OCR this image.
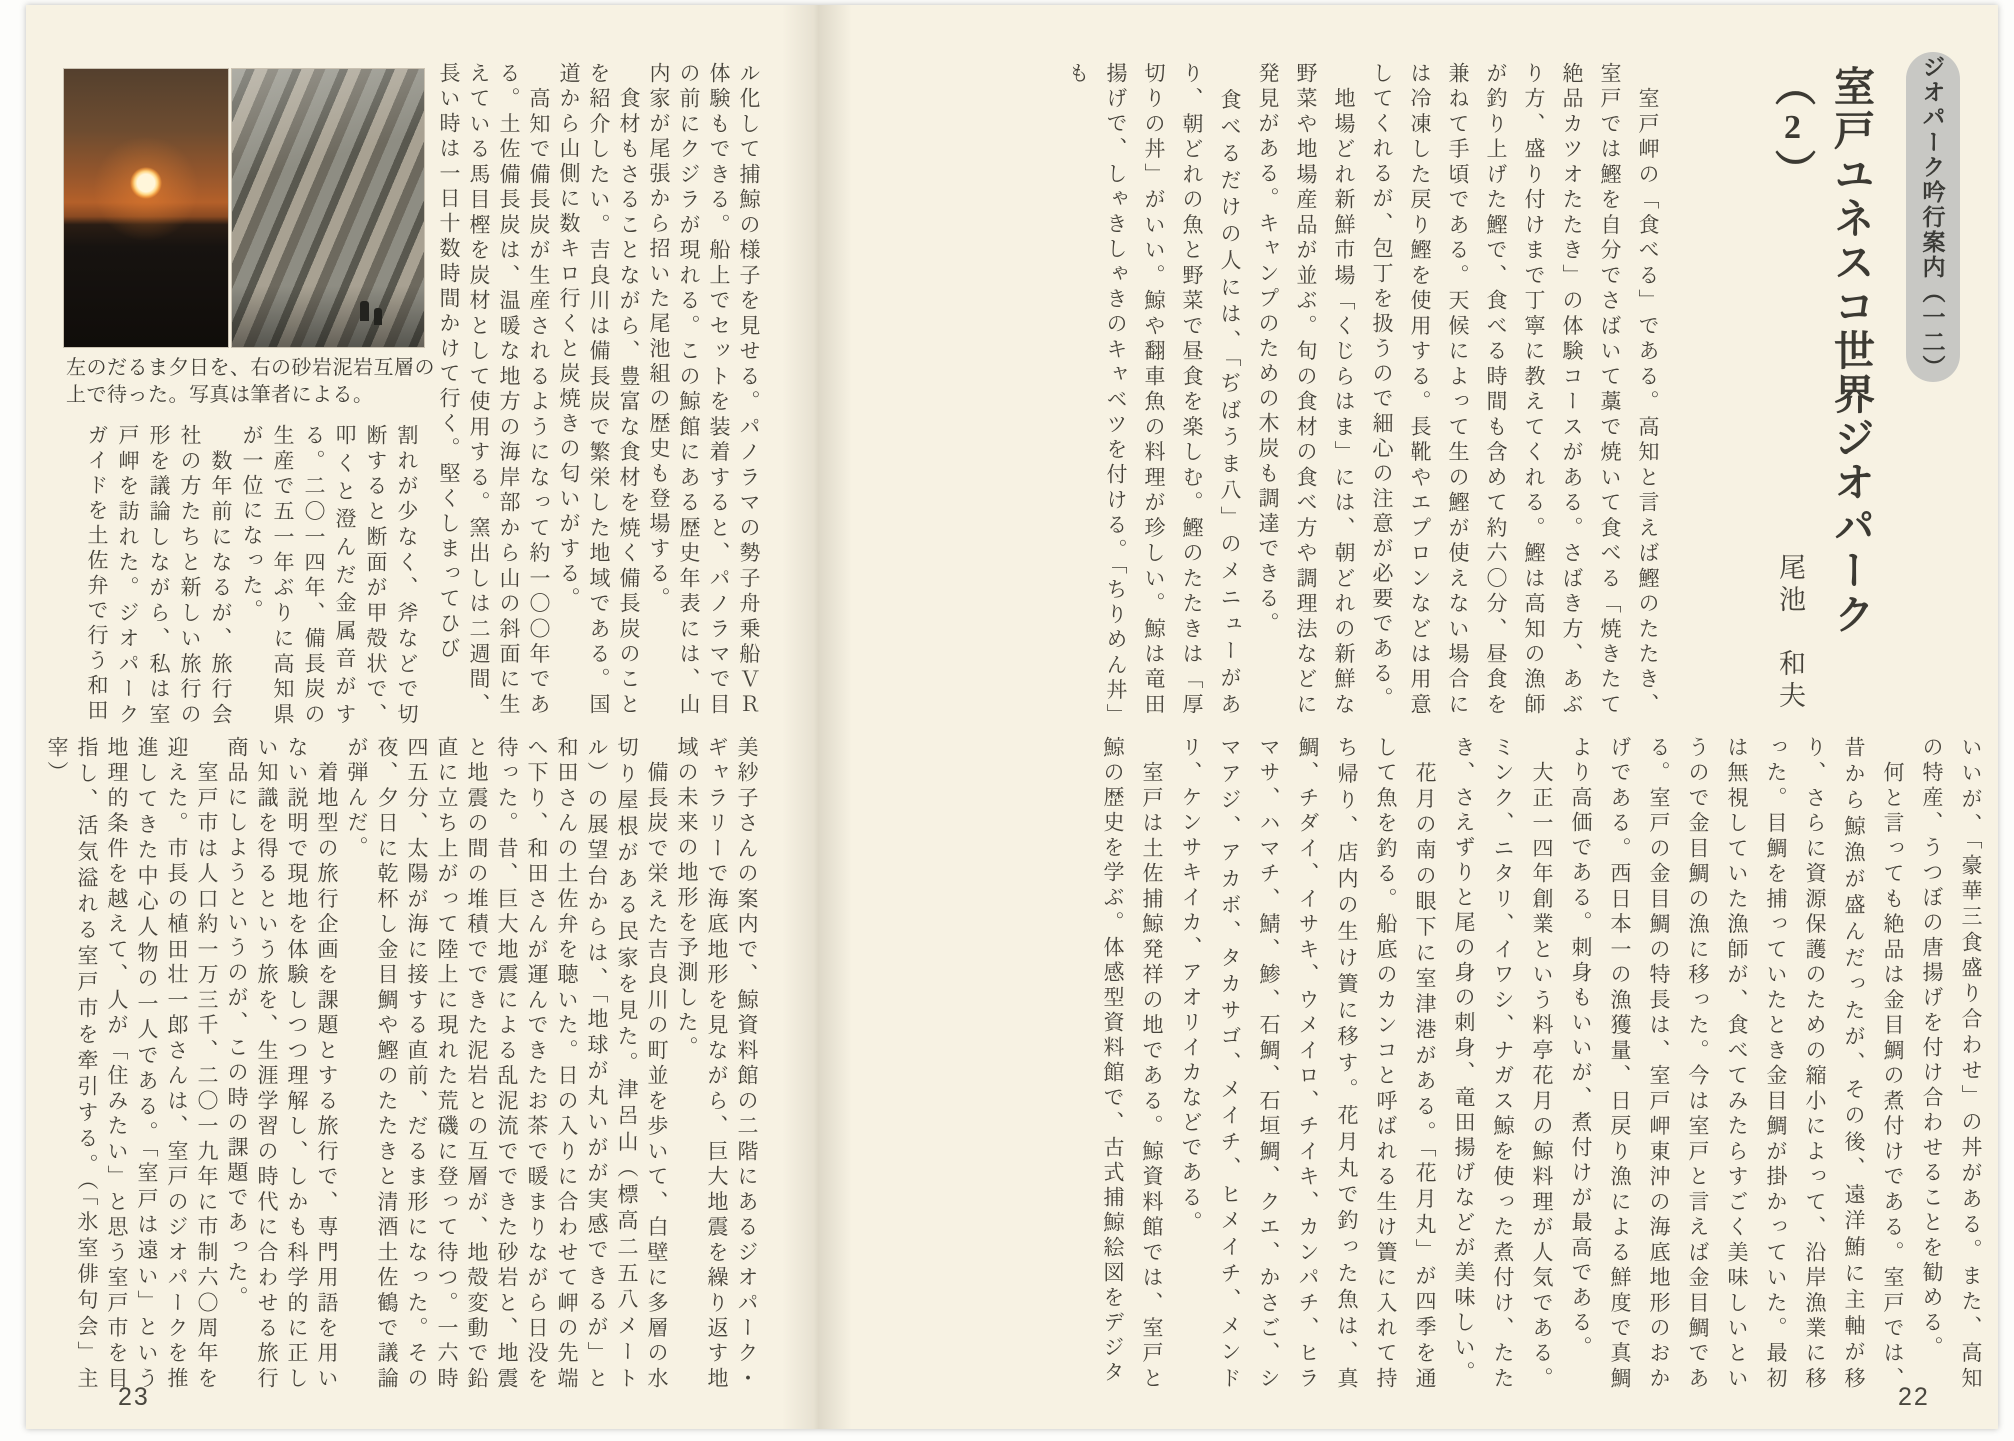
ジオパーク吟行案内（一二）
室戸ユネスコ世界ジオパーク（2）
尾池　和夫

　室戸岬の「食べる」である。高知と言えば鰹のたたき、室戸では鰹を自分でさばいて藁で焼いて食べる「焼きたて絶品カツオたたき」の体験コースがある。さばき方、あぶり方、盛り付けまで丁寧に教えてくれる。鰹は高知の漁師が釣り上げた鰹で、食べる時間も含めて約六〇分、昼食を兼ねて手頃である。天候によって生の鰹が使えない場合には冷凍した戻り鰹を使用する。長靴やエプロンなどは用意してくれるが、包丁を扱うので細心の注意が必要である。

　地場どれ新鮮市場「くじらはま」には、朝どれの新鮮な野菜や地場産品が並ぶ。旬の食材の食べ方や調理法などに発見がある。キャンプのための木炭も調達できる。

　食べるだけの人には、「ぢばうま八」のメニューがあり、朝どれの魚と野菜で昼食を楽しむ。鰹のたたきは「厚切りの丼」がいい。鯨や翻車魚の料理が珍しい。鯨は竜田揚げで、しゃきしゃきのキャベツを付ける。「ちりめん丼」も

いいが、「豪華三食盛り合わせ」の丼がある。また、高知の特産、うつぼの唐揚げを付け合わせることを勧める。

　何と言っても絶品は金目鯛の煮付けである。室戸では、昔から鯨漁が盛んだったが、その後、遠洋鮪に主軸が移り、さらに資源保護のための縮小によって、沿岸漁業に移った。目鯛を捕っていたとき金目鯛が掛かっていた。最初は無視していた漁師が、食べてみたらすごく美味しいというので金目鯛の漁に移った。今は室戸と言えば金目鯛である。室戸の金目鯛の特長は、室戸岬東沖の海底地形のおかげである。西日本一の漁獲量、日戻り漁による鮮度で真鯛より高価である。刺身もいいが、煮付けが最高である。

　大正一四年創業という料亭花月の鯨料理が人気である。ミンク、ニタリ、イワシ、ナガス鯨を使った煮付け、たたき、さえずりと尾の身の刺身、竜田揚げなどが美味しい。

　花月の南の眼下に室津港がある。「花月丸」が四季を通して魚を釣る。船底のカンコと呼ばれる生け簀に入れて持ち帰り、店内の生け簀に移す。花月丸で釣った魚は、真鯛、チダイ、イサキ、ウメイロ、チイキ、カンパチ、ヒラマサ、ハマチ、鯖、鯵、石鯛、石垣鯛、クエ、かさご、シマアジ、アカボ、タカサゴ、メイチ、ヒメイチ、メンドリ、ケンサキイカ、アオリイカなどである。

　室戸は土佐捕鯨発祥の地である。鯨資料館では、室戸と鯨の歴史を学ぶ。体感型資料館で、古式捕鯨絵図をデジタ

22
左のだるま夕日を、右の砂岩泥岩互層の上で待った。写真は筆者による。	ル化して捕鯨の様子を見せる。パノラマの勢子舟乗船ＶＲ体験もできる。船上でセットを装着すると、パノラマで目の前にクジラが現れる。この鯨館にある歴史年表には、山内家が尾張から招いた尾池組の歴史も登場する。

　食材もさることながら、豊富な食材を焼く備長炭のことを紹介したい。吉良川は備長炭で繁栄した地域である。国道から山側に数キロ行くと炭焼きの匂いがする。

　高知で備長炭が生産されるようになって約一〇〇年である。土佐備長炭は、温暖な地方の海岸部から山の斜面に生えている馬目樫を炭材として使用する。窯出しは二週間、長い時は一日十数時間かけて行く。堅くしまってひび

割れが少なく、斧などで切断すると断面が甲殻状で、叩くと澄んだ金属音がする。二〇一四年、備長炭の生産で五一年ぶりに高知県が一位になった。

　数年前になるが、旅行会社の方たちと新しい旅行の形を議論しながら、私は室戸岬を訪れた。ジオパークガイドを土佐弁で行う和田

美紗子さんの案内で、鯨資料館の二階にあるジオパーク・ギャラリーで海底地形を見ながら、巨大地震を繰り返す地域の未来の地形を予測した。

　備長炭で栄えた吉良川の町並を歩いて、白壁に多層の水切り屋根がある民家を見た。津呂山（標高二五八メートル）の展望台からは、「地球が丸いがが実感できるが」と和田さんの土佐弁を聴いた。日の入りに合わせて岬の先端へ下り、和田さんが運んできたお茶で暖まりながら日没を待った。昔、巨大地震による乱泥流でできた砂岩と、地震と地震の間の堆積でできた泥岩との互層が、地殻変動で鉛直に立ち上がって陸上に現れた荒磯に登って待つ。一六時四五分、太陽が海に接する直前、だるま形になった。その夜、夕日に乾杯し金目鯛や鰹のたたきと清酒土佐鶴で議論が弾んだ。

　着地型の旅行企画を課題とする旅行で、専門用語を用いない説明で現地を体験しつつ理解し、しかも科学的に正しい知識を得るという旅を、生涯学習の時代に合わせる旅行商品にしようというのが、この時の課題であった。

　室戸市は人口約一万三千、二〇一九年に市制六〇周年を迎えた。市長の植田壮一郎さんは、室戸のジオパークを推進してきた中心人物の一人である。「室戸は遠い」という地理的条件を越えて、人が「住みたい」と思う室戸市を目指し、活気溢れる室戸市を牽引する。（「氷室俳句会」主宰）

23
